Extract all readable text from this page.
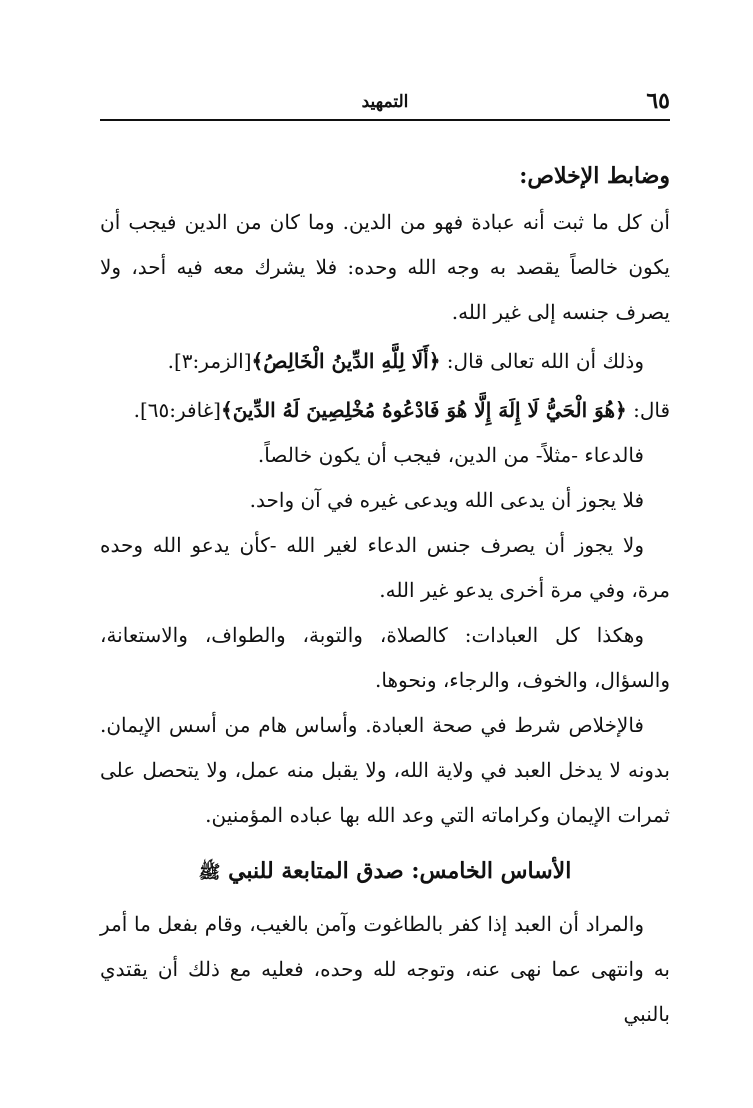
٦٥
التمهيد
وضابط الإخلاص:

أن كل ما ثبت أنه عبادة فهو من الدين. وما كان من الدين فيجب أن يكون خالصاً يقصد به وجه الله وحده: فلا يشرك معه فيه أحد، ولا يصرف جنسه إلى غير الله.

وذلك أن الله تعالى قال: ﴿أَلَا لِلَّهِ الدِّينُ الْخَالِصُ﴾[الزمر:٣].

قال: ﴿هُوَ الْحَيُّ لَا إِلَهَ إِلَّا هُوَ فَادْعُوهُ مُخْلِصِينَ لَهُ الدِّينَ﴾[غافر:٦٥].

فالدعاء -مثلاً- من الدين، فيجب أن يكون خالصاً.

فلا يجوز أن يدعى الله ويدعى غيره في آن واحد.

ولا يجوز أن يصرف جنس الدعاء لغير الله -كأن يدعو الله وحده مرة، وفي مرة أخرى يدعو غير الله.

وهكذا كل العبادات: كالصلاة، والتوبة، والطواف، والاستعانة، والسؤال، والخوف، والرجاء، ونحوها.

فالإخلاص شرط في صحة العبادة. وأساس هام من أسس الإيمان. بدونه لا يدخل العبد في ولاية الله، ولا يقبل منه عمل، ولا يتحصل على ثمرات الإيمان وكراماته التي وعد الله بها عباده المؤمنين.

الأساس الخامس: صدق المتابعة للنبي ﷺ

والمراد أن العبد إذا كفر بالطاغوت وآمن بالغيب، وقام بفعل ما أمر به وانتهى عما نهى عنه، وتوجه لله وحده، فعليه مع ذلك أن يقتدي بالنبي
